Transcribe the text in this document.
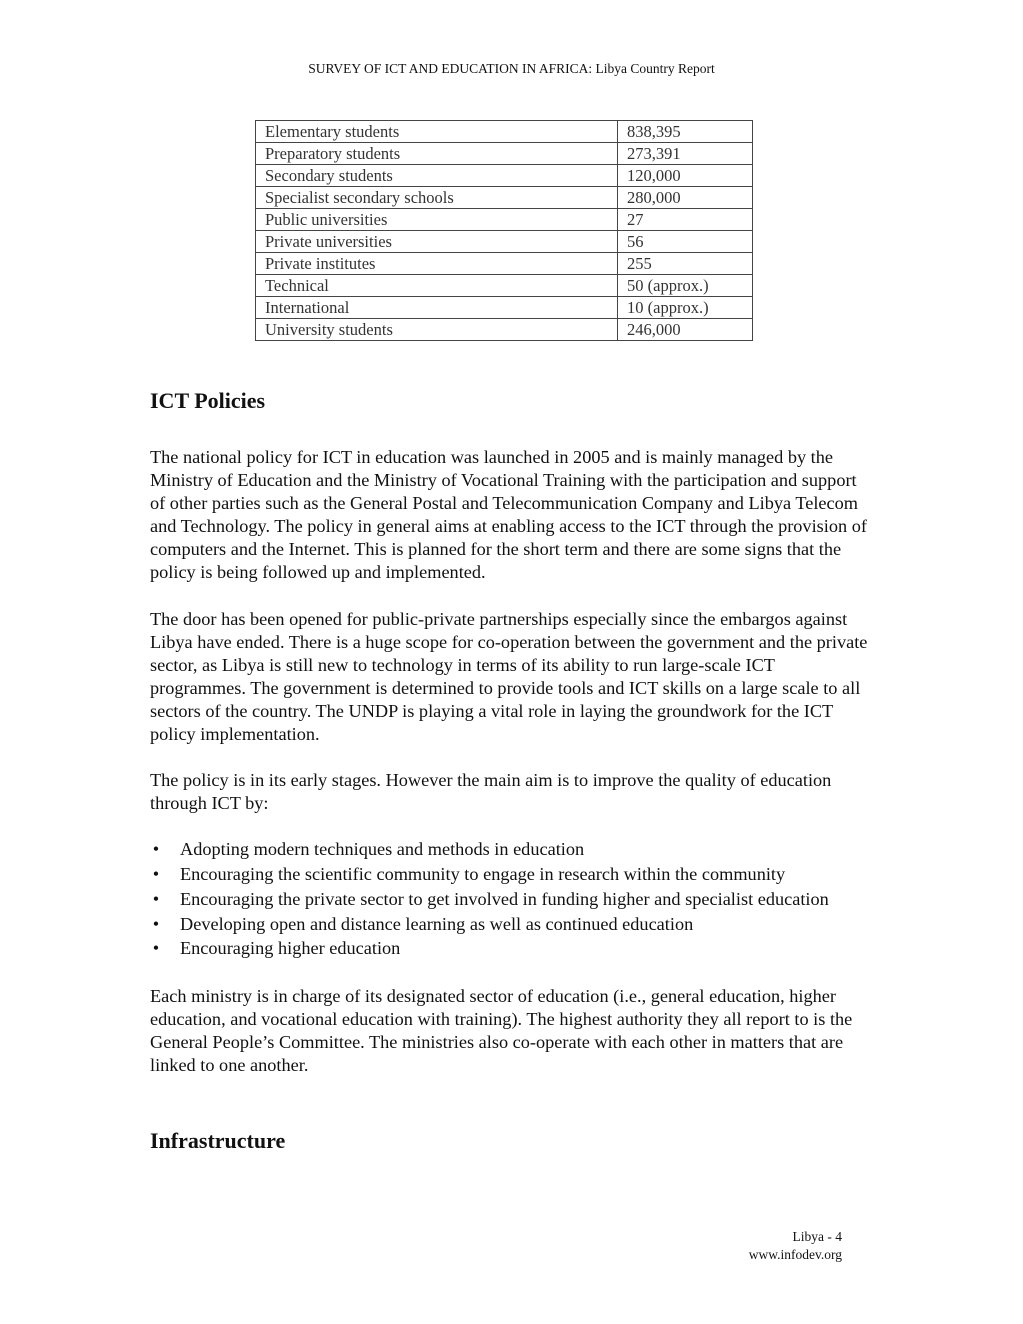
SURVEY OF ICT AND EDUCATION IN AFRICA: Libya Country Report
Elementary students	838,395
Preparatory students	273,391
Secondary students	120,000
Specialist secondary schools	280,000
Public universities	27
Private universities	56
Private institutes	255
Technical	50 (approx.)
International	10 (approx.)
University students	246,000
ICT Policies

The national policy for ICT in education was launched in 2005 and is mainly managed by the Ministry of Education and the Ministry of Vocational Training with the participation and support of other parties such as the General Postal and Telecommunication Company and Libya Telecom and Technology. The policy in general aims at enabling access to the ICT through the provision of computers and the Internet. This is planned for the short term and there are some signs that the policy is being followed up and implemented.

The door has been opened for public-private partnerships especially since the embargos against Libya have ended. There is a huge scope for co-operation between the government and the private sector, as Libya is still new to technology in terms of its ability to run large-scale ICT programmes. The government is determined to provide tools and ICT skills on a large scale to all sectors of the country. The UNDP is playing a vital role in laying the groundwork for the ICT policy implementation.

The policy is in its early stages. However the main aim is to improve the quality of education through ICT by:

• Adopting modern techniques and methods in education
• Encouraging the scientific community to engage in research within the community
• Encouraging the private sector to get involved in funding higher and specialist education
• Developing open and distance learning as well as continued education
• Encouraging higher education

Each ministry is in charge of its designated sector of education (i.e., general education, higher education, and vocational education with training). The highest authority they all report to is the General People’s Committee. The ministries also co-operate with each other in matters that are linked to one another.

Infrastructure
Libya - 4
www.infodev.org
